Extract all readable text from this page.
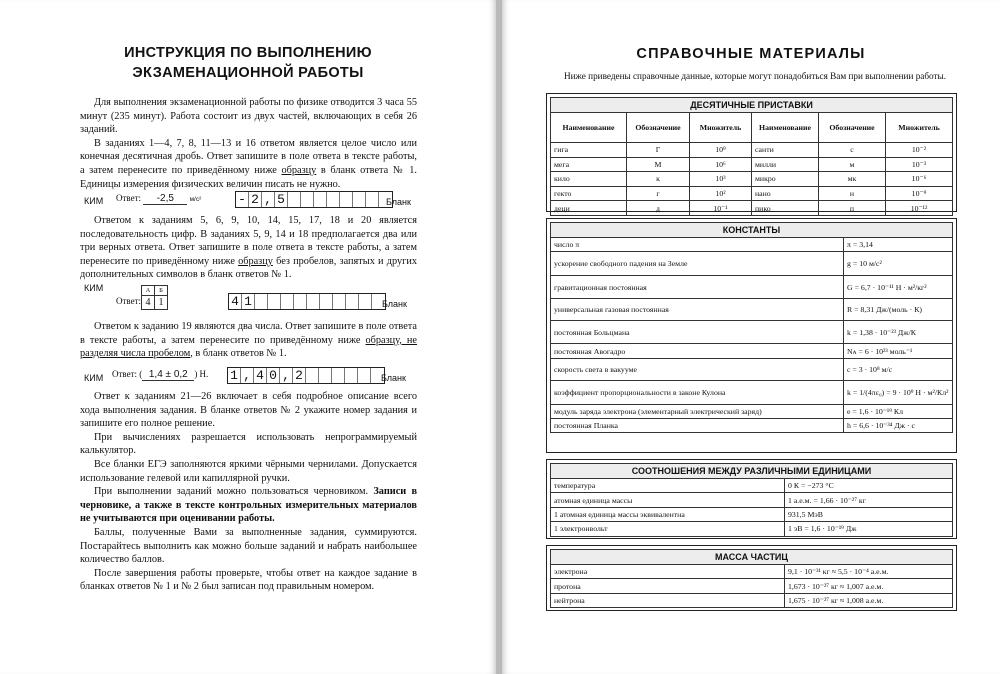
ИНСТРУКЦИЯ ПО ВЫПОЛНЕНИЮ
ЭКЗАМЕНАЦИОННОЙ РАБОТЫ

Для выполнения экзаменационной работы по физике отводится 3 часа 55 минут (235 минут). Работа состоит из двух частей, включающих в себя 26 заданий.

В заданиях 1—4, 7, 8, 11—13 и 16 ответом является целое число или конечная десятичная дробь. Ответ запишите в поле ответа в тексте работы, а затем перенесите по приведённому ниже образцу в бланк ответа № 1. Единицы измерения физических величин писать не нужно.

КИМ Ответ: -2,5 м/с²	- 2 , 5	Бланк

Ответом к заданиям 5, 6, 9, 10, 14, 15, 17, 18 и 20 является последовательность цифр. В заданиях 5, 9, 14 и 18 предполагается два или три верных ответа. Ответ запишите в поле ответа в тексте работы, а затем перенесите по приведённому ниже образцу без пробелов, запятых и других дополнительных символов в бланк ответов № 1.

КИМ
Ответ:
А	Б
4	1	4 1	Бланк

Ответом к заданию 19 являются два числа. Ответ запишите в поле ответа в тексте работы, а затем перенесите по приведённому ниже образцу, не разделяя числа пробелом, в бланк ответов № 1.

КИМ Ответ: ( 1,4 ± 0,2 ) Н. 1 , 4 0 , 2	Бланк

Ответ к заданиям 21—26 включает в себя подробное описание всего хода выполнения задания. В бланке ответов № 2 укажите номер задания и запишите его полное решение.

При вычислениях разрешается использовать непрограммируемый калькулятор.

Все бланки ЕГЭ заполняются яркими чёрными чернилами. Допускается использование гелевой или капиллярной ручки.

При выполнении заданий можно пользоваться черновиком. Записи в черновике, а также в тексте контрольных измерительных материалов не учитываются при оценивании работы.

Баллы, полученные Вами за выполненные задания, суммируются. Постарайтесь выполнить как можно больше заданий и набрать наибольшее количество баллов.

После завершения работы проверьте, чтобы ответ на каждое задание в бланках ответов № 1 и № 2 был записан под правильным номером.

СПРАВОЧНЫЕ МАТЕРИАЛЫ
Ниже приведены справочные данные, которые могут понадобиться Вам при выполнении работы.
ДЕСЯТИЧНЫЕ ПРИСТАВКИ					
Наименование	Обозначение	Множитель	Наименование	Обозначение	Множитель
гига	Г	10⁹	санти	с	10⁻²
мега	М	10⁶	милли	м	10⁻³
кило	к	10³	микро	мк	10⁻⁶
гекто	г	10²	нано	н	10⁻⁹
деци	д	10⁻¹	пико	п	10⁻¹²
КОНСТАНТЫ	
число π	π = 3,14
ускорение свободного падения на Земле	g = 10 м/с²
гравитационная постоянная	G = 6,7 · 10⁻¹¹ Н · м²/кг²
универсальная газовая постоянная	R = 8,31 Дж/(моль · К)
постоянная Больцмана	k = 1,38 · 10⁻²³ Дж/К
постоянная Авогадро	Nᴀ = 6 · 10²³ моль⁻¹
скорость света в вакууме	c = 3 · 10⁸ м/с
коэффициент пропорциональности в законе Кулона	k = 1/(4πε₀) = 9 · 10⁹ Н · м²/Кл²
модуль заряда электрона (элементарный электрический заряд)	e = 1,6 · 10⁻¹⁹ Кл
постоянная Планка	h = 6,6 · 10⁻³⁴ Дж · с
СООТНОШЕНИЯ МЕЖДУ РАЗЛИЧНЫМИ ЕДИНИЦАМИ	
температура	0 К = −273 °С
атомная единица массы	1 а.е.м. = 1,66 · 10⁻²⁷ кг
1 атомная единица массы эквивалентна	931,5 МэВ
1 электронвольт	1 эВ = 1,6 · 10⁻¹⁹ Дж
МАССА ЧАСТИЦ	
электрона	9,1 · 10⁻³¹ кг ≈ 5,5 · 10⁻⁴ а.е.м.
протона	1,673 · 10⁻²⁷ кг ≈ 1,007 а.е.м.
нейтрона	1,675 · 10⁻²⁷ кг ≈ 1,008 а.е.м.
